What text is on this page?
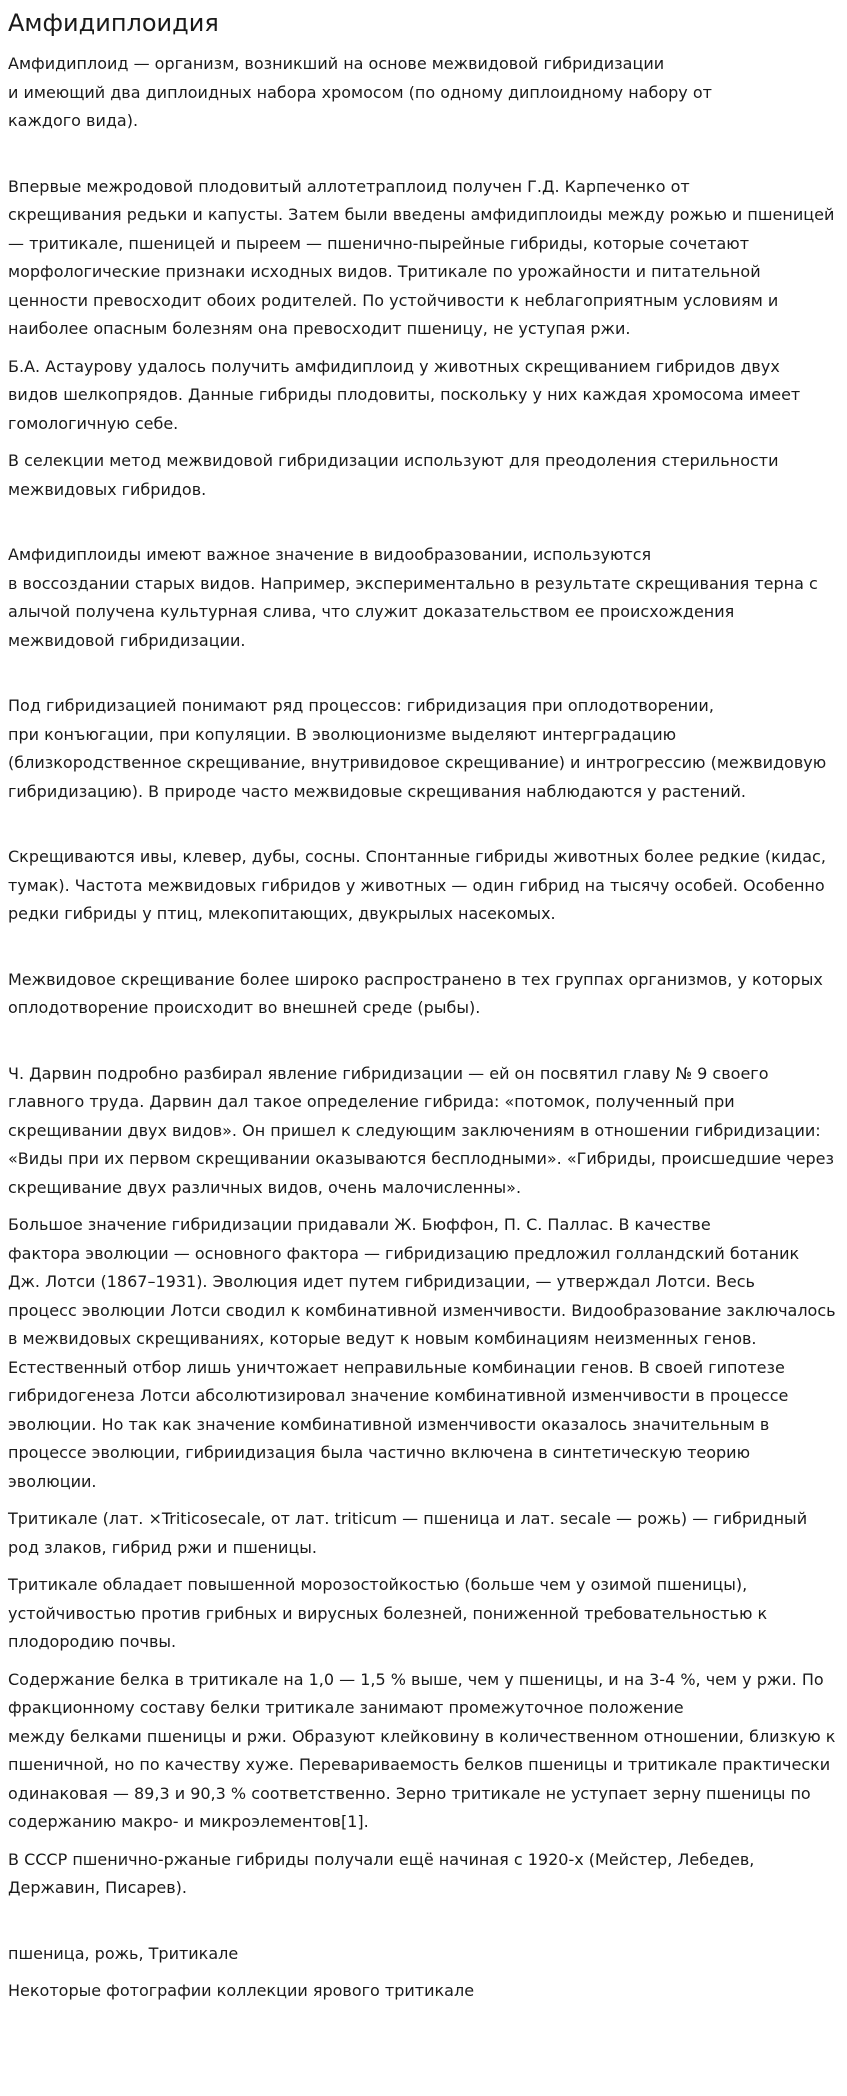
Амфидиплоидия

Амфидиплоид — организм, возникший на основе межвидовой гибридизации
и имеющий два диплоидных набора хромосом (по одному диплоидному набору от
каждого вида).

Впервые межродовой плодовитый аллотетраплоид получен Г.Д. Карпеченко от
скрещивания редьки и капусты. Затем были введены амфидиплоиды между рожью и пшеницей
— тритикале, пшеницей и пыреем — пшенично-пырейные гибриды, которые сочетают
морфологические признаки исходных видов. Тритикале по урожайности и питательной
ценности превосходит обоих родителей. По устойчивости к неблагоприятным условиям и
наиболее опасным болезням она превосходит пшеницу, не уступая ржи.

Б.А. Астаурову удалось получить амфидиплоид у животных скрещиванием гибридов двух
видов шелкопрядов. Данные гибриды плодовиты, поскольку у них каждая хромосома имеет
гомологичную себе.

В селекции метод межвидовой гибридизации используют для преодоления стерильности
межвидовых гибридов.

Амфидиплоиды имеют важное значение в видообразовании, используются
в воссоздании старых видов. Например, экспериментально в результате скрещивания терна с
алычой получена культурная слива, что служит доказательством ее происхождения
межвидовой гибридизации.

Под гибридизацией понимают ряд процессов: гибридизация при оплодотворении,
при конъюгации, при копуляции. В эволюционизме выделяют интерградацию
(близкородственное скрещивание, внутривидовое скрещивание) и интрогрессию (межвидовую
гибридизацию). В природе часто межвидовые скрещивания наблюдаются у растений.

Скрещиваются ивы, клевер, дубы, сосны. Спонтанные гибриды животных более редкие (кидас,
тумак). Частота межвидовых гибридов у животных — один гибрид на тысячу особей. Особенно
редки гибриды у птиц, млекопитающих, двукрылых насекомых.

Межвидовое скрещивание более широко распространено в тех группах организмов, у которых
оплодотворение происходит во внешней среде (рыбы).

Ч. Дарвин подробно разбирал явление гибридизации — ей он посвятил главу № 9 своего
главного труда. Дарвин дал такое определение гибрида: «потомок, полученный при
скрещивании двух видов». Он пришел к следующим заключениям в отношении гибридизации:
«Виды при их первом скрещивании оказываются бесплодными». «Гибриды, происшедшие через
скрещивание двух различных видов, очень малочисленны».

Большое значение гибридизации придавали Ж. Бюффон, П. С. Паллас. В качестве
фактора эволюции — основного фактора — гибридизацию предложил голландский ботаник
Дж. Лотси (1867–1931). Эволюция идет путем гибридизации, — утверждал Лотси. Весь
процесс эволюции Лотси сводил к комбинативной изменчивости. Видообразование заключалось
в межвидовых скрещиваниях, которые ведут к новым комбинациям неизменных генов.
Естественный отбор лишь уничтожает неправильные комбинации генов. В своей гипотезе
гибридогенеза Лотси абсолютизировал значение комбинативной изменчивости в процессе
эволюции. Но так как значение комбинативной изменчивости оказалось значительным в
процессе эволюции, гибриидизация была частично включена в синтетическую теорию
эволюции.

Тритикале (лат. ×Triticosecale, от лат. triticum — пшеница и лат. secale — рожь) — гибридный
род злаков, гибрид ржи и пшеницы.

Тритикале обладает повышенной морозостойкостью (больше чем у озимой пшеницы),
устойчивостью против грибных и вирусных болезней, пониженной требовательностью к
плодородию почвы.

Содержание белка в тритикале на 1,0 — 1,5 % выше, чем у пшеницы, и на 3-4 %, чем у ржи. По
фракционному составу белки тритикале занимают промежуточное положение
между белками пшеницы и ржи. Образуют клейковину в количественном отношении, близкую к
пшеничной, но по качеству хуже. Перевариваемость белков пшеницы и тритикале практически
одинаковая — 89,3 и 90,3 % соответственно. Зерно тритикале не уступает зерну пшеницы по
содержанию макро- и микроэлементов[1].

В СССР пшенично-ржаные гибриды получали ещё начиная с 1920-х (Мейстер, Лебедев,
Державин, Писарев).

пшеница, рожь, Тритикале

Некоторые фотографии коллекции ярового тритикале
